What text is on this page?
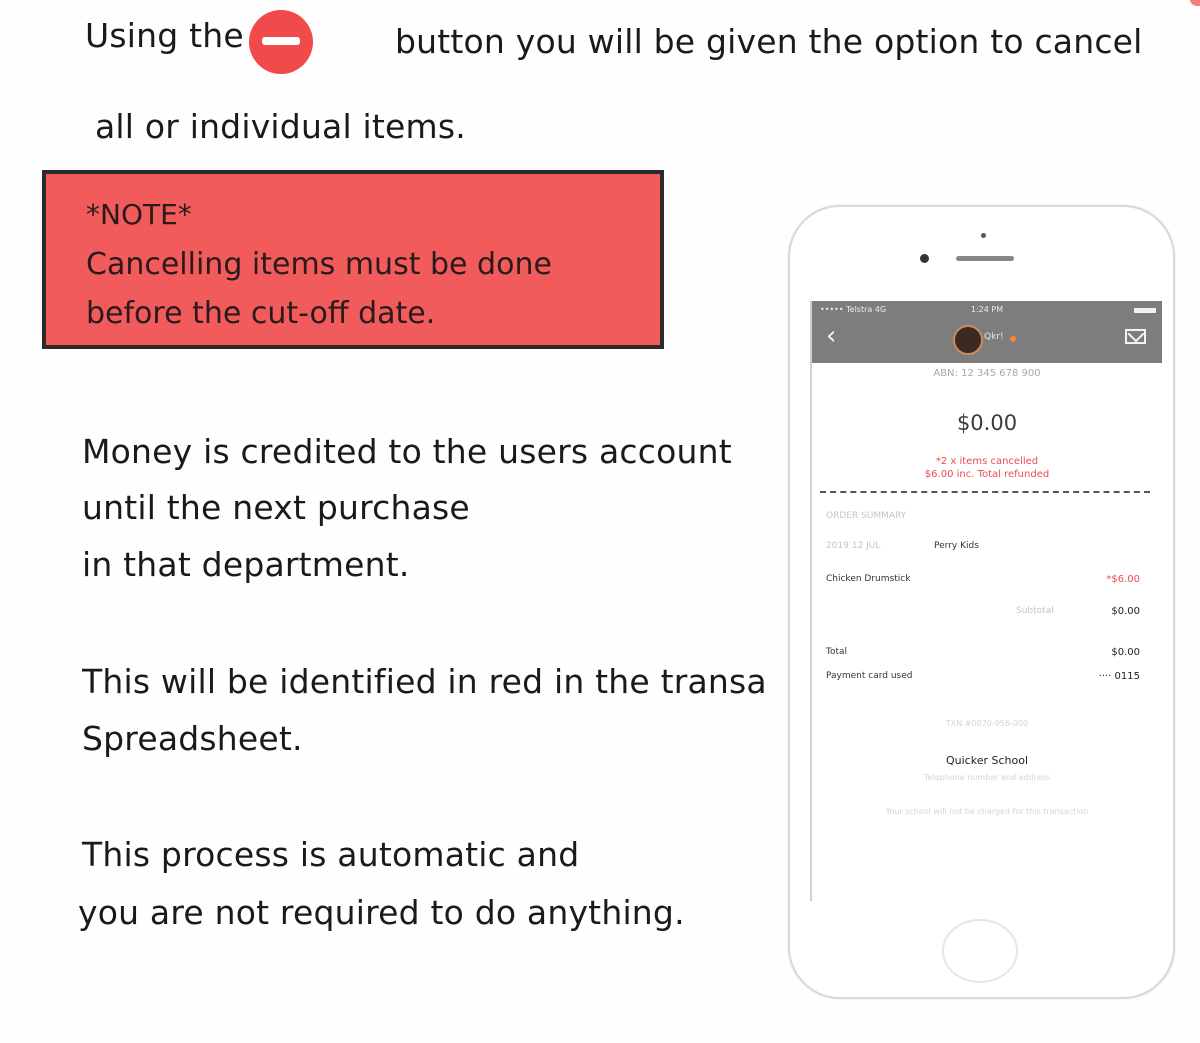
Using the	button you will be given the option to cancel
all or individual items.
*NOTE*
Cancelling items must be done
before the cut-off date.
Money is credited to the users account
until the next purchase
in that department.
This will be identified in red in the transa
Spreadsheet.
This process is automatic and
you are not required to do anything.
••••• Telstra 4G	1:24 PM
‹	Qkr!
ABN: 12 345 678 900
$0.00
*2 x items cancelled
$6.00 inc. Total refunded
ORDER SUMMARY
2019 12 JUL	Perry Kids
Chicken Drumstick	*$6.00
Subtotal	$0.00
Total	$0.00
Payment card used	···· 0115
TXN #0870-956-000
Quicker School
Telephone number and address
Your school will not be charged for this transaction
